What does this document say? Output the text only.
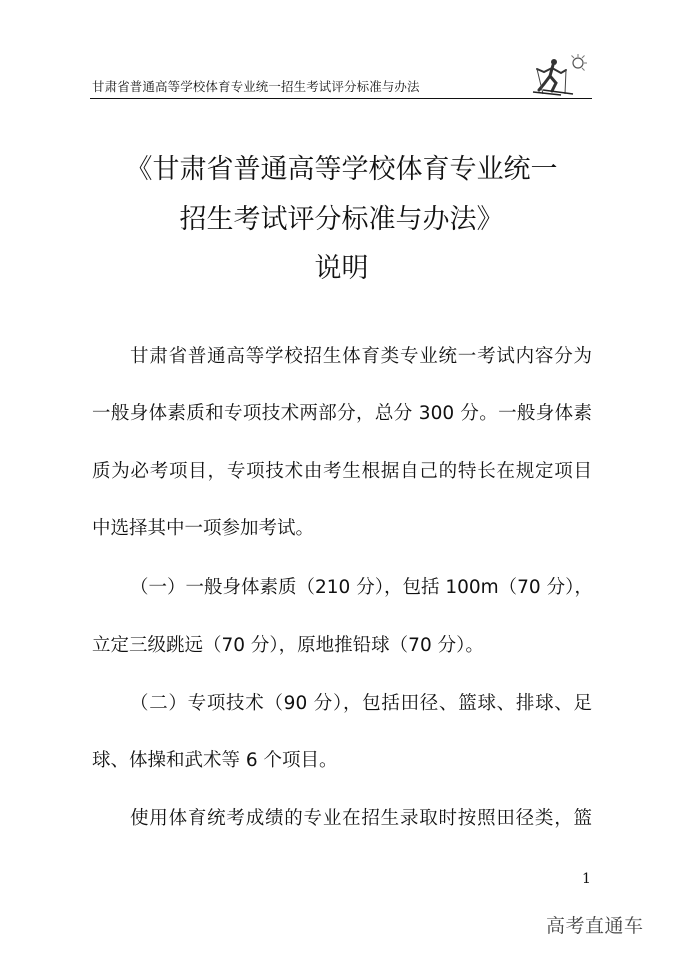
甘肃省普通高等学校体育专业统一招生考试评分标准与办法
《甘肃省普通高等学校体育专业统一
招生考试评分标准与办法》
说明
甘肃省普通高等学校招生体育类专业统一考试内容分为
一般身体素质和专项技术两部分，总分 300 分。一般身体素
质为必考项目，专项技术由考生根据自己的特长在规定项目
中选择其中一项参加考试。
（一）一般身体素质（210 分），包括 100m（70 分），
立定三级跳远（70 分），原地推铅球（70 分）。
（二）专项技术（90 分），包括田径、篮球、排球、足
球、体操和武术等 6 个项目。
使用体育统考成绩的专业在招生录取时按照田径类，篮
1
高考直通车
